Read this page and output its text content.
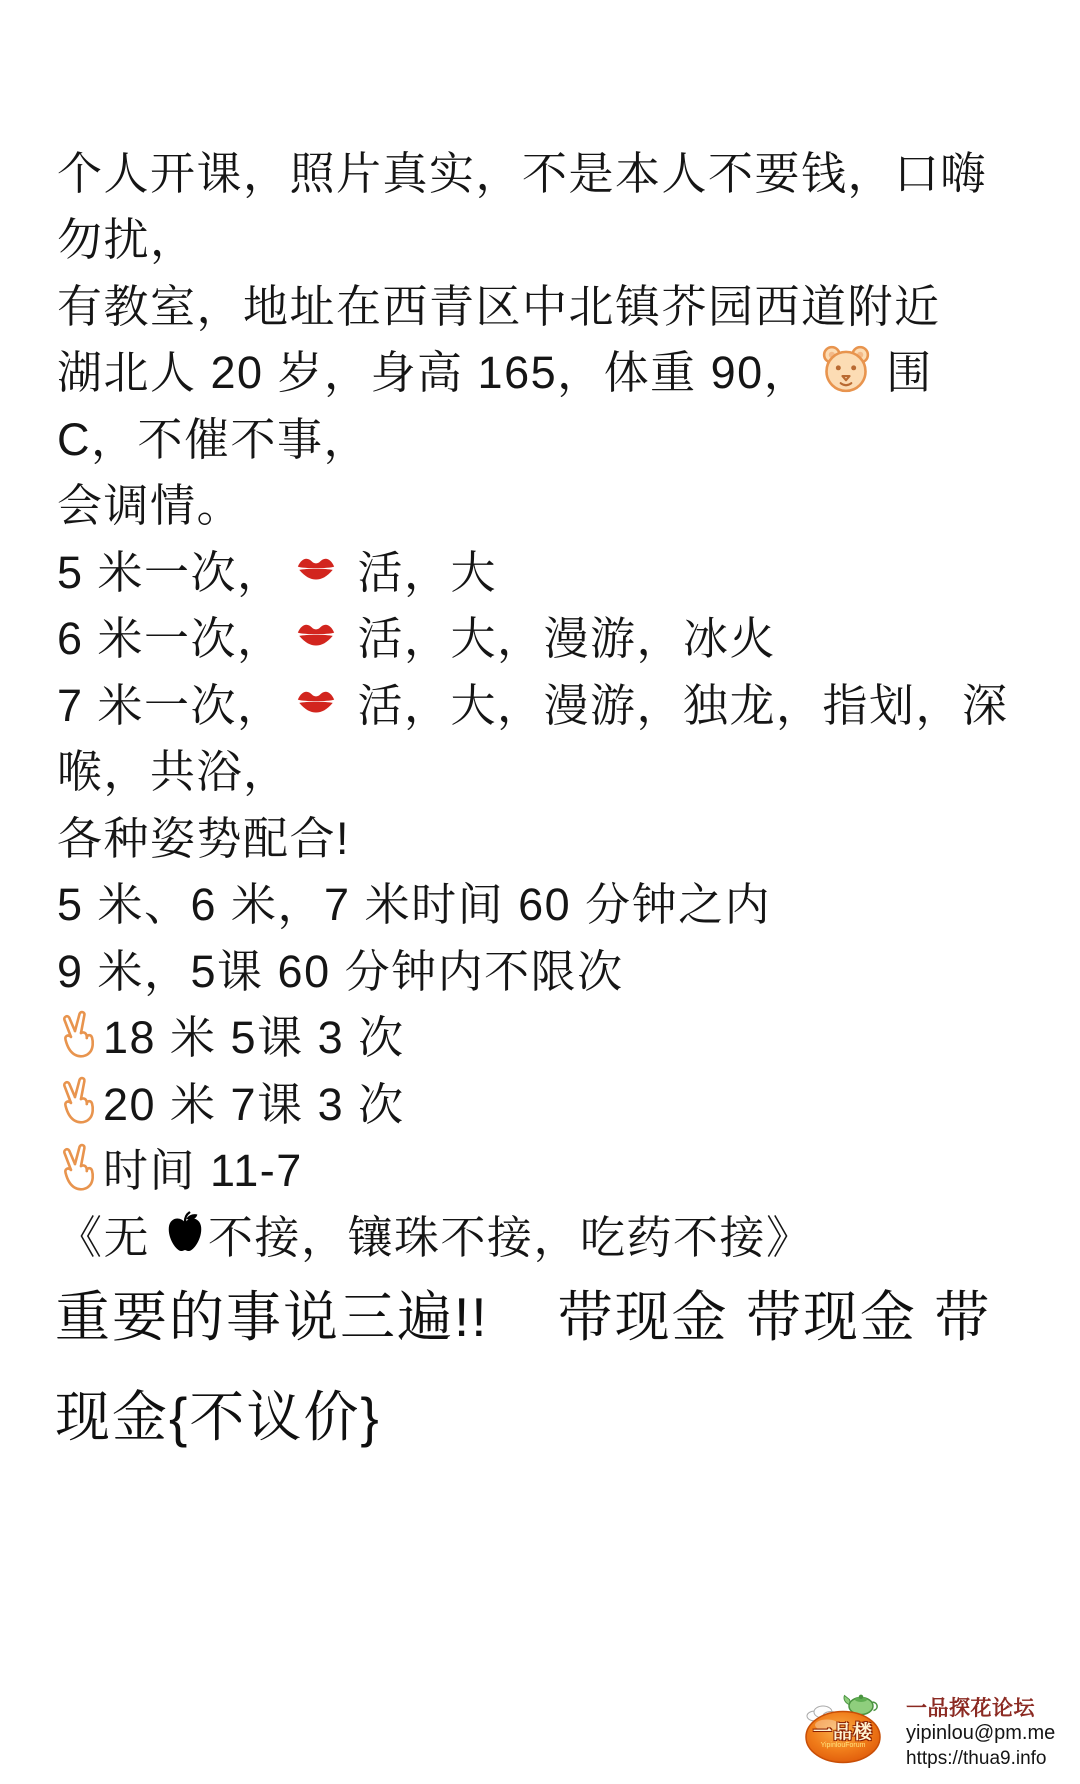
个人开课，照片真实，不是本人不要钱，口嗨
勿扰，
有教室，地址在西青区中北镇芥园西道附近
湖北人 20 岁，身高 165，体重 90， 围
C，不催不事，
会调情。
5 米一次， 活，大
6 米一次， 活，大，漫游，冰火
7 米一次， 活，大，漫游，独龙，指划，深
喉，共浴，
各种姿势配合!
5 米、6 米，7 米时间 60 分钟之内
9 米，5课 60 分钟内不限次
18 米 5课 3 次
20 米 7课 3 次
时间 11-7
《无 不接，镶珠不接，吃药不接》
重要的事说三遍!!    带现金 带现金 带
现金{不议价}
一品楼
YipinlouForum
一品探花论坛
yipinlou@pm.me
https://thua9.info
